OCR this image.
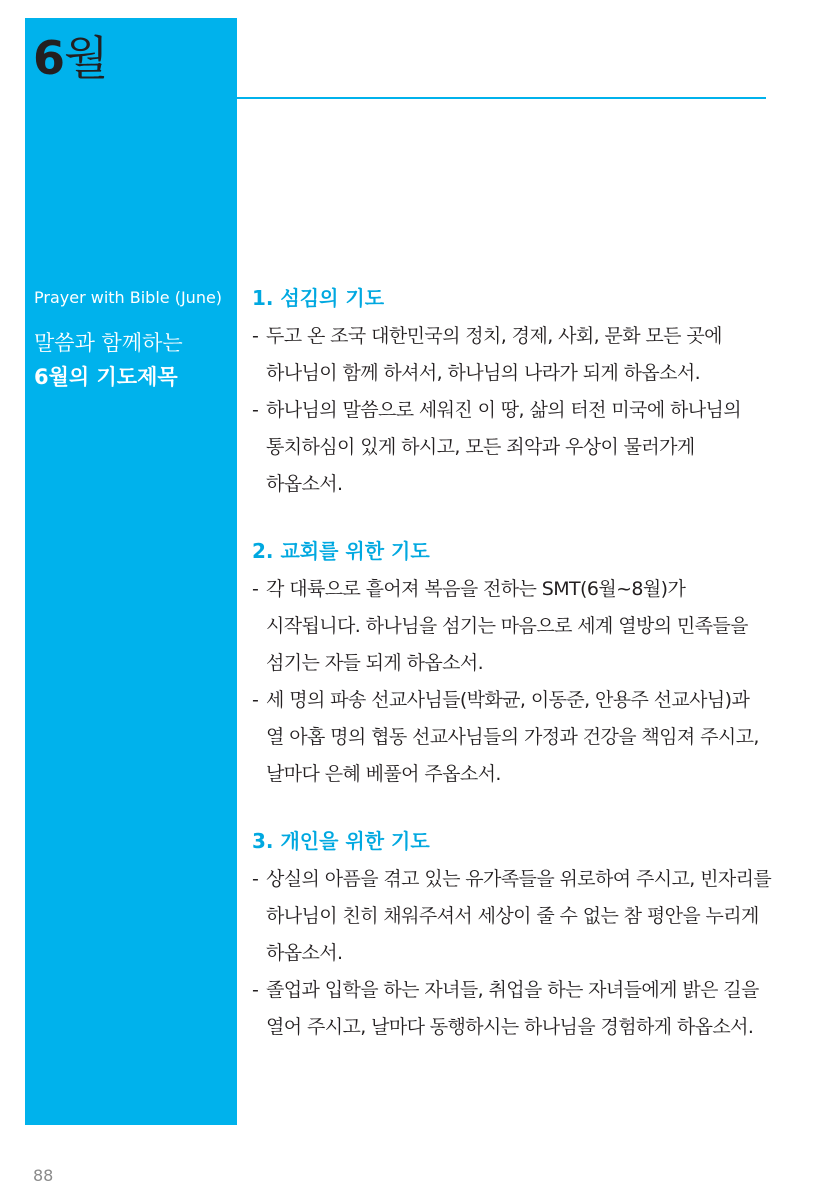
6월
Prayer with Bible (June)
말씀과 함께하는
6월의 기도제목
1. 섬김의 기도
- 두고 온 조국 대한민국의 정치, 경제, 사회, 문화 모든 곳에 하나님이 함께 하셔서, 하나님의 나라가 되게 하옵소서.
- 하나님의 말씀으로 세워진 이 땅, 삶의 터전 미국에 하나님의 통치하심이 있게 하시고, 모든 죄악과 우상이 물러가게 하옵소서.
2. 교회를 위한 기도
- 각 대륙으로 흩어져 복음을 전하는 SMT(6월~8월)가 시작됩니다. 하나님을 섬기는 마음으로 세계 열방의 민족들을 섬기는 자들 되게 하옵소서.
- 세 명의 파송 선교사님들(박화균, 이동준, 안용주 선교사님)과 열 아홉 명의 협동 선교사님들의 가정과 건강을 책임져 주시고, 날마다 은혜 베풀어 주옵소서.
3. 개인을 위한 기도
- 상실의 아픔을 겪고 있는 유가족들을 위로하여 주시고, 빈자리를 하나님이 친히 채워주셔서 세상이 줄 수 없는 참 평안을 누리게 하옵소서.
- 졸업과 입학을 하는 자녀들, 취업을 하는 자녀들에게 밝은 길을 열어 주시고, 날마다 동행하시는 하나님을 경험하게 하옵소서.
88
